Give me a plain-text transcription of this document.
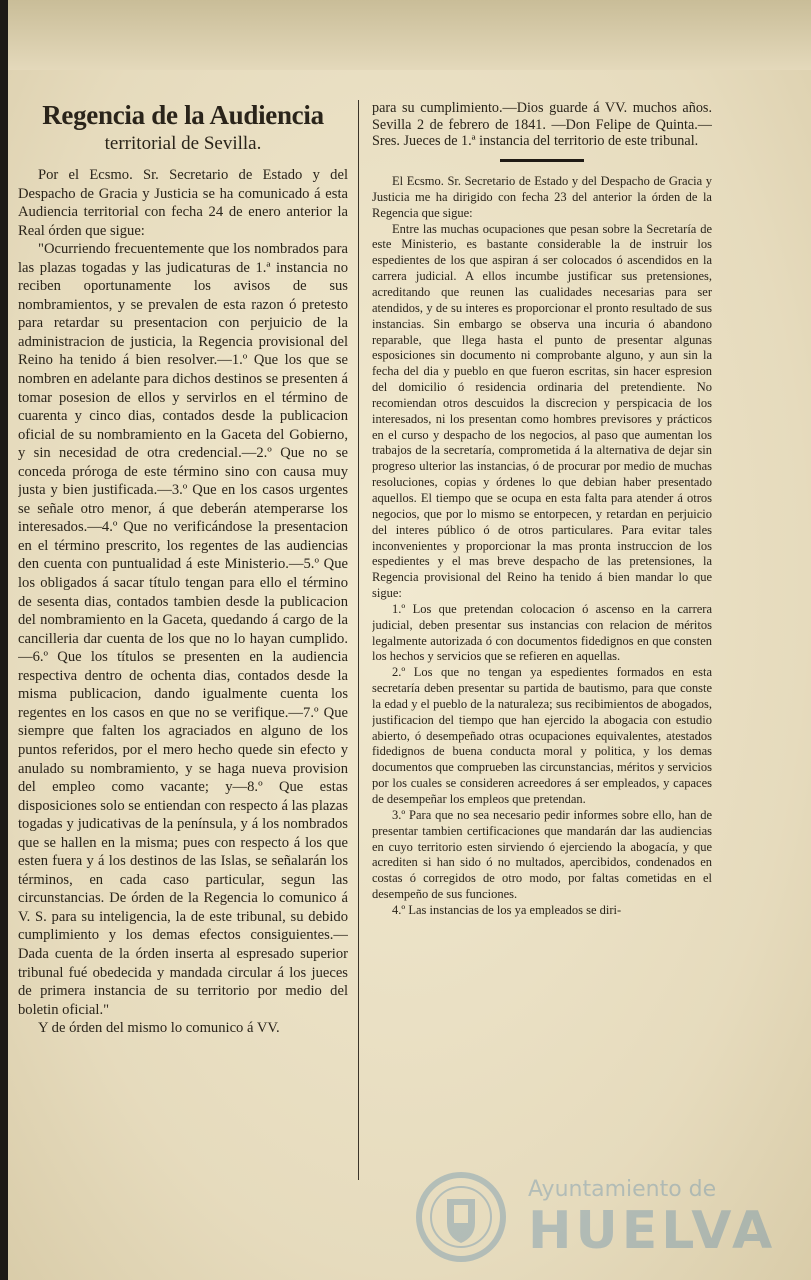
Regencia de la Audiencia
territorial de Sevilla.

Por el Ecsmo. Sr. Secretario de Estado y del Despacho de Gracia y Justicia se ha comunicado á esta Audiencia territorial con fecha 24 de enero anterior la Real órden que sigue:

"Ocurriendo frecuentemente que los nombrados para las plazas togadas y las judicaturas de 1.ª instancia no reciben oportunamente los avisos de sus nombramientos, y se prevalen de esta razon ó pretesto para retardar su presentacion con perjuicio de la administracion de justicia, la Regencia provisional del Reino ha tenido á bien resolver.—1.º Que los que se nombren en adelante para dichos destinos se presenten á tomar posesion de ellos y servirlos en el término de cuarenta y cinco dias, contados desde la publicacion oficial de su nombramiento en la Gaceta del Gobierno, y sin necesidad de otra credencial.—2.º Que no se conceda prórogа de este término sino con causa muy justa y bien justificada.—3.º Que en los casos urgentes se señale otro menor, á que deberán atemperarse los interesados.—4.º Que no verificándose la presentacion en el término prescrito, los regentes de las audiencias den cuenta con puntualidad á este Ministerio.—5.º Que los obligados á sacar título tengan para ello el término de sesenta dias, contados tambien desde la publicacion del nombramiento en la Gaceta, quedando á cargo de la cancilleria dar cuenta de los que no lo hayan cumplido.—6.º Que los títulos se presenten en la audiencia respectiva dentro de ochenta dias, contados desde la misma publicacion, dando igualmente cuenta los regentes en los casos en que no se verifique.—7.º Que siempre que falten los agraciados en alguno de los puntos referidos, por el mero hecho quede sin efecto y anulado su nombramiento, y se haga nueva provision del empleo como vacante; y—8.º Que estas disposiciones solo se entiendan con respecto á las plazas togadas y judicativas de la península, y á los nombrados que se hallen en la misma; pues con respecto á los que esten fuera y á los destinos de las Islas, se señalarán los términos, en cada caso particular, segun las circunstancias. De órden de la Regencia lo comunico á V. S. para su inteligencia, la de este tribunal, su debido cumplimiento y los demas efectos consiguientes.—Dada cuenta de la órden inserta al espresado superior tribunal fué obedecida y mandada circular á los jueces de primera instancia de su territorio por medio del boletin oficial."

Y de órden del mismo lo comunico á VV.

para su cumplimiento.—Dios guarde á VV. muchos años. Sevilla 2 de febrero de 1841. —Don Felipe de Quinta.—Sres. Jueces de 1.ª instancia del territorio de este tribunal.

El Ecsmo. Sr. Secretario de Estado y del Despacho de Gracia y Justicia me ha dirigido con fecha 23 del anterior la órden de la Regencia que sigue:

Entre las muchas ocupaciones que pesan sobre la Secretaría de este Ministerio, es bastante considerable la de instruir los espedientes de los que aspiran á ser colocados ó ascendidos en la carrera judicial. A ellos incumbe justificar sus pretensiones, acreditando que reunen las cualidades necesarias para ser atendidos, y de su interes es proporcionar el pronto resultado de sus instancias. Sin embargo se observa una incuria ó abandono reparable, que llega hasta el punto de presentar algunas esposiciones sin documento ni comprobante alguno, y aun sin la fecha del dia y pueblo en que fueron escritas, sin hacer espresion del domicilio ó residencia ordinaria del pretendiente. No recomiendan otros descuidos la discrecion y perspicacia de los interesados, ni los presentan como hombres previsores y prácticos en el curso y despacho de los negocios, al paso que aumentan los trabajos de la secretaría, comprometida á la alternativa de dejar sin progreso ulterior las instancias, ó de procurar por medio de muchas resoluciones, copias y órdenes lo que debian haber presentado aquellos. El tiempo que se ocupa en esta falta para atender á otros negocios, que por lo mismo se entorpecen, y retardan en perjuicio del interes público ó de otros particulares. Para evitar tales inconvenientes y proporcionar la mas pronta instruccion de los espedientes y el mas breve despacho de las pretensiones, la Regencia provisional del Reino ha tenido á bien mandar lo que sigue:

1.º Los que pretendan colocacion ó ascenso en la carrera judicial, deben presentar sus instancias con relacion de méritos legalmente autorizada ó con documentos fidedignos en que consten los hechos y servicios que se refieren en aquellas.

2.º Los que no tengan ya espedientes formados en esta secretaría deben presentar su partida de bautismo, para que conste la edad y el pueblo de la naturaleza; sus recibimientos de abogados, justificacion del tiempo que han ejercido la abogacia con estudio abierto, ó desempeñado otras ocupaciones equivalentes, atestados fidedignos de buena conducta moral y politica, y los demas documentos que comprueben las circunstancias, méritos y servicios por los cuales se consideren acreedores á ser empleados, y capaces de desempeñar los empleos que pretendan.

3.º Para que no sea necesario pedir informes sobre ello, han de presentar tambien certificaciones que mandarán dar las audiencias en cuyo territorio esten sirviendo ó ejerciendo la abogacía, y que acrediten si han sido ó no multados, apercibidos, condenados en costas ó corregidos de otro modo, por faltas cometidas en el desempeño de sus funciones.

4.º Las instancias de los ya empleados se diri-

Ayuntamiento de
HUELVA
